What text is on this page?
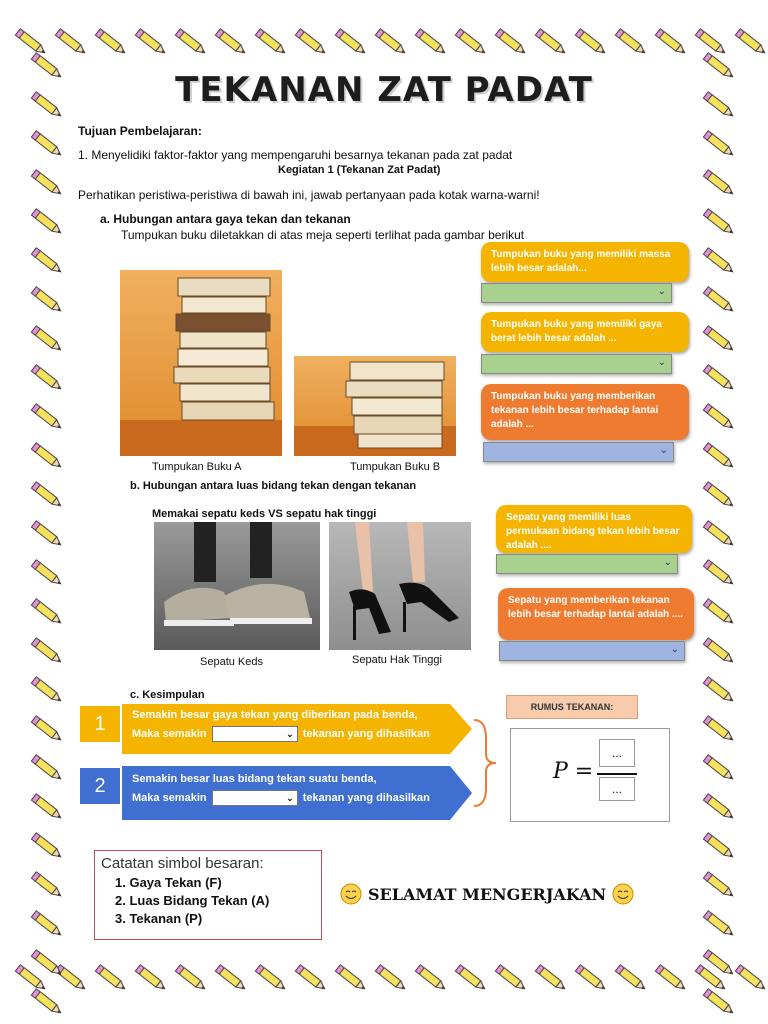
TEKANAN ZAT PADAT
Tujuan Pembelajaran:
1. Menyelidiki faktor-faktor yang mempengaruhi besarnya tekanan pada zat padat
Kegiatan 1 (Tekanan Zat Padat)
Perhatikan peristiwa-peristiwa di bawah ini, jawab pertanyaan pada kotak warna-warni!
a. Hubungan antara gaya tekan dan tekanan
Tumpukan buku diletakkan di atas meja seperti terlihat pada gambar berikut
Tumpukan Buku A	Tumpukan Buku B
Tumpukan buku yang memiliki massa lebih besar adalah...
⌄
Tumpukan buku yang memiliki gaya berat lebih besar adalah ...
⌄
Tumpukan buku yang memberikan tekanan lebih besar terhadap lantai adalah ...
⌄
b. Hubungan antara luas bidang tekan dengan tekanan
Memakai sepatu keds VS sepatu hak tinggi
Sepatu Keds	Sepatu Hak Tinggi
Sepatu yang memiliki luas permukaan bidang tekan lebih besar adalah ....
⌄
Sepatu yang memberikan tekanan lebih besar terhadap lantai adalah ....
⌄
c. Kesimpulan
1	Semakin besar gaya tekan yang diberikan pada benda,
Maka semakin	⌄ tekanan yang dihasilkan
2	Semakin besar luas bidang tekan suatu benda,
Maka semakin	⌄ tekanan yang dihasilkan
RUMUS TEKANAN:
P =
...
...
Catatan simbol besaran:
1. Gaya Tekan (F)
2. Luas Bidang Tekan (A)
3. Tekanan (P)
SELAMAT MENGERJAKAN
